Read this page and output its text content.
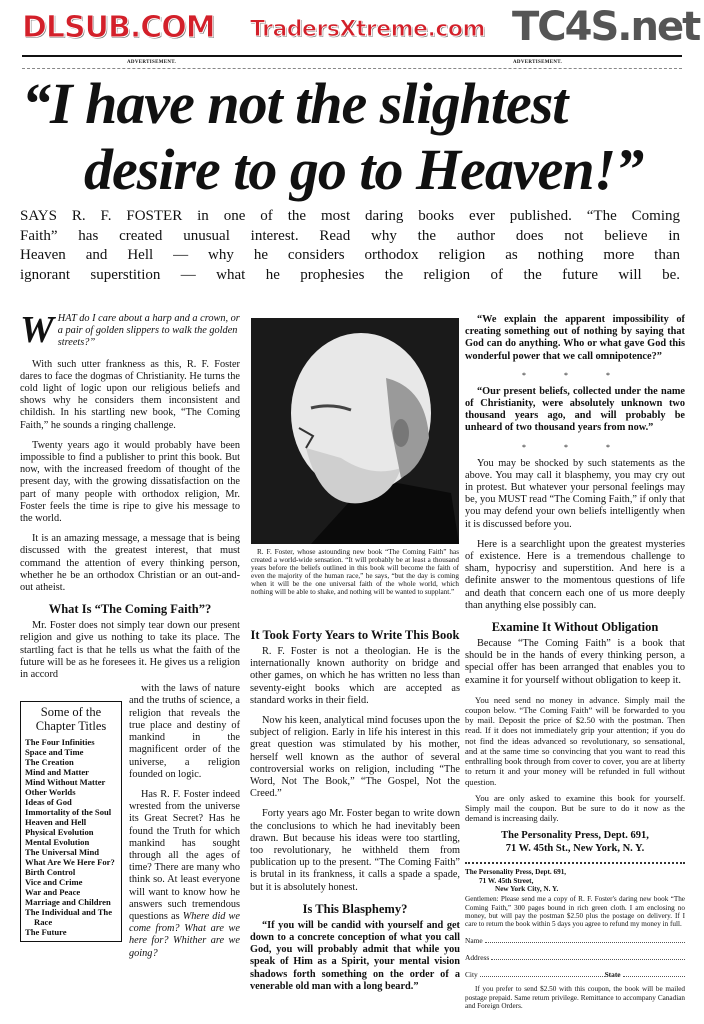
TC4S.net
DLSUB.COM TradersXtreme.com
ADVERTISEMENT.	ADVERTISEMENT.
“I have not the slightest
desire to go to Heaven!”
SAYS R. F. FOSTER in one of the most daring books ever published. “The Coming
Faith” has created unusual interest. Read why the author does not believe in
Heaven and Hell — why he considers orthodox religion as nothing more than
ignorant superstition — what he prophesies the religion of the future will be.
WHAT do I care about a harp and a crown, or a pair of golden slippers to walk the golden streets?”

With such utter frankness as this, R. F. Foster dares to face the dogmas of Christianity. He turns the cold light of logic upon our religious beliefs and shows why he considers them inconsistent and childish. In his startling new book, “The Coming Faith,” he sounds a ringing challenge.

Twenty years ago it would probably have been impossible to find a publisher to print this book. But now, with the increased freedom of thought of the present day, with the growing dissatisfaction on the part of many people with orthodox religion, Mr. Foster feels the time is ripe to give his message to the world.

It is an amazing message, a message that is being discussed with the greatest interest, that must command the attention of every thinking person, whether he be an orthodox Christian or an out-and-out atheist.

What Is “The Coming Faith”?

Mr. Foster does not simply tear down our present religion and give us nothing to take its place. The startling fact is that he tells us what the faith of the future will be as he foresees it. He gives us a religion in accord

Some of the Chapter Titles
The Four Infinities
Space and Time
The Creation
Mind and Matter
Mind Without Matter
Other Worlds
Ideas of God
Immortality of the Soul
Heaven and Hell
Physical Evolution
Mental Evolution
The Universal Mind
What Are We Here For?
Birth Control
Vice and Crime
War and Peace
Marriage and Children
The Individual and The Race
The Future

with the laws of nature and the truths of science, a religion that reveals the true place and destiny of mankind in the magnificent order of the universe, a religion founded on logic.

Has R. F. Foster indeed wrested from the universe its Great Secret? Has he found the Truth for which mankind has sought through all the ages of time? There are many who think so. At least everyone will want to know how he answers such tremendous questions as Where did we come from? What are we here for? Whither are we going?

R. F. Foster, whose astounding new book “The Coming Faith” has created a world-wide sensation. “It will probably be at least a thousand years before the beliefs outlined in this book will become the faith of even the majority of the human race,” he says, “but the day is coming when it will be the one universal faith of the whole world, which nothing will be able to shake, and nothing will be wanted to supplant.”
It Took Forty Years to Write This Book

R. F. Foster is not a theologian. He is the internationally known authority on bridge and other games, on which he has written no less than seventy-eight books which are accepted as standard works in their field.

Now his keen, analytical mind focuses upon the subject of religion. Early in life his interest in this great question was stimulated by his mother, herself well known as the author of several controversial works on religion, including “The Word, Not The Book,” “The Gospel, Not the Creed.”

Forty years ago Mr. Foster began to write down the conclusions to which he had inevitably been drawn. But because his ideas were too startling, too revolutionary, he withheld them from publication up to the present. “The Coming Faith” is brutal in its frankness, it calls a spade a spade, but it is absolutely honest.

Is This Blasphemy?

“If you will be candid with yourself and get down to a concrete conception of what you call God, you will probably admit that while you speak of Him as a Spirit, your mental vision shadows forth something on the order of a venerable old man with a long beard.”

“We explain the apparent impossibility of creating something out of nothing by saying that God can do anything. Who or what gave God this wonderful power that we call omnipotence?”

* * *

“Our present beliefs, collected under the name of Christianity, were absolutely unknown two thousand years ago, and will probably be unheard of two thousand years from now.”

* * *

You may be shocked by such statements as the above. You may call it blasphemy, you may cry out in protest. But whatever your personal feelings may be, you MUST read “The Coming Faith,” if only that you may defend your own beliefs intelligently when it is discussed before you.

Here is a searchlight upon the greatest mysteries of existence. Here is a tremendous challenge to sham, hypocrisy and superstition. And here is a definite answer to the momentous questions of life and death that concern each one of us more deeply than anything else possibly can.

Examine It Without Obligation

Because “The Coming Faith” is a book that should be in the hands of every thinking person, a special offer has been arranged that enables you to examine it for yourself without obligation to keep it.

You need send no money in advance. Simply mail the coupon below. “The Coming Faith” will be forwarded to you by mail. Deposit the price of $2.50 with the postman. Then read. If it does not immediately grip your attention; if you do not find the ideas advanced so revolutionary, so sensational, and at the same time so convincing that you want to read this enthralling book through from cover to cover, you are at liberty to return it and your money will be refunded in full without question.

You are only asked to examine this book for yourself. Simply mail the coupon. But be sure to do it now as the demand is increasing daily.

The Personality Press, Dept. 691,
71 W. 45th St., New York, N. Y.
The Personality Press, Dept. 691,
71 W. 45th Street,
New York City, N. Y.
Gentlemen: Please send me a copy of R. F. Foster's daring new book “The Coming Faith,” 300 pages bound in rich green cloth. I am enclosing no money, but will pay the postman $2.50 plus the postage on delivery. If I care to return the book within 5 days you agree to refund my money in full.
Name
Address
City	State
If you prefer to send $2.50 with this coupon, the book will be mailed postage prepaid. Same return privilege. Remittance to accompany Canadian and Foreign Orders.
